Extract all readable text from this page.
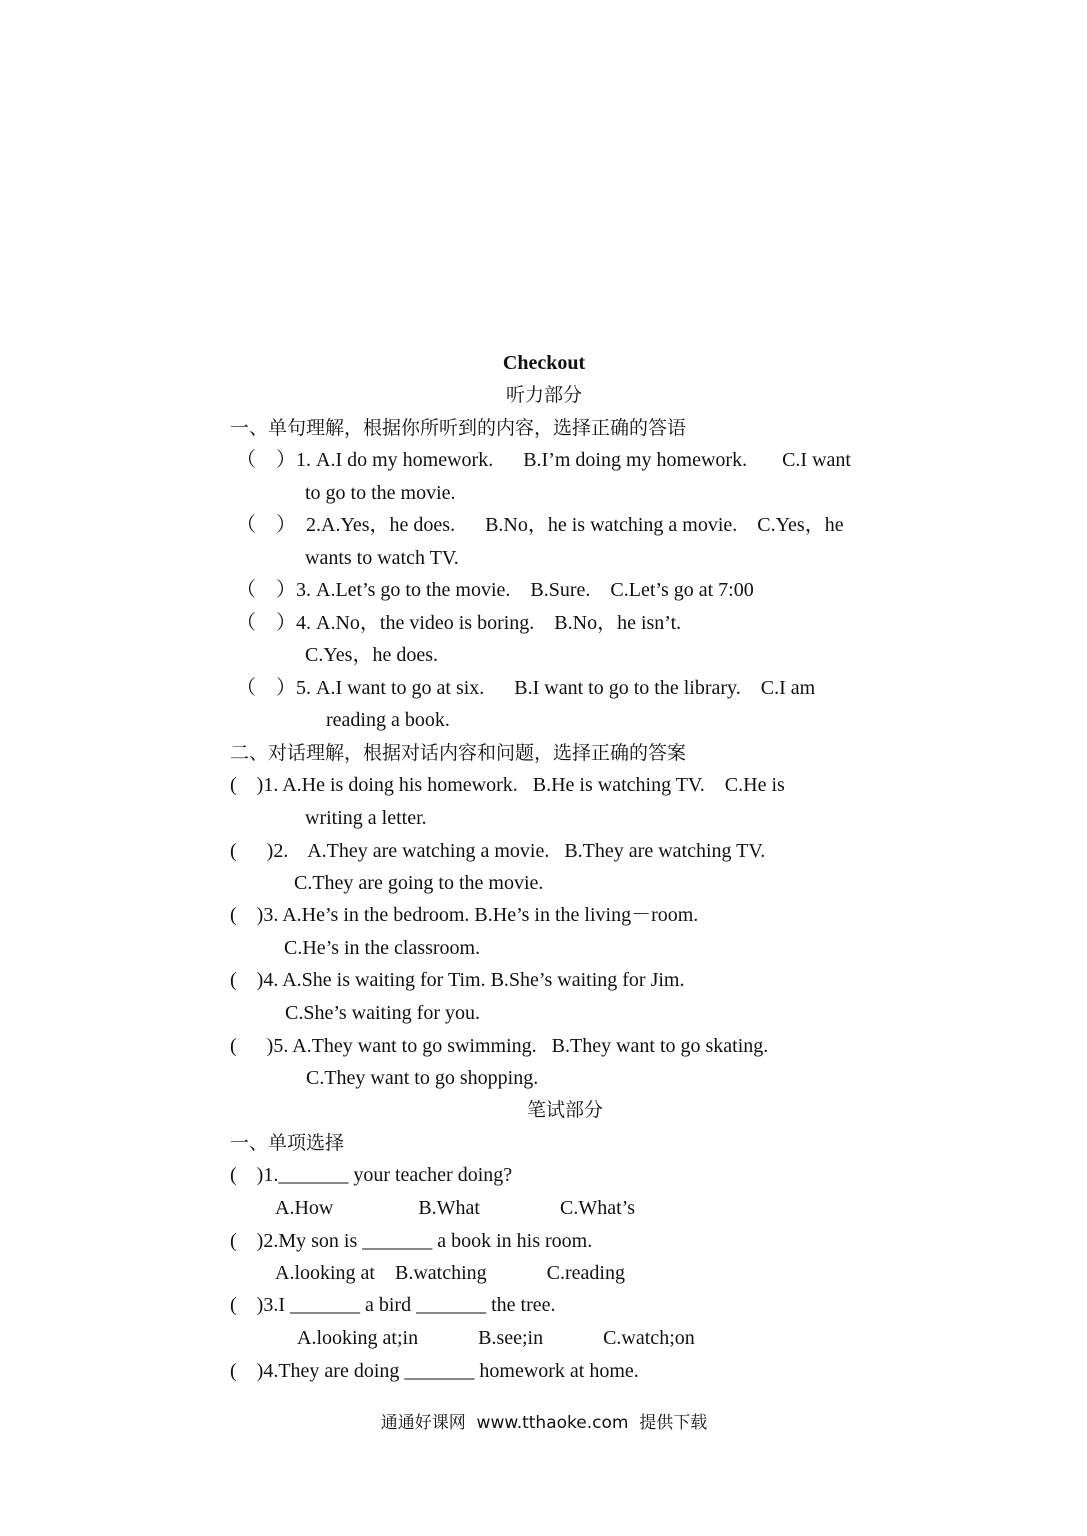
Checkout
听力部分
一、单句理解，根据你所听到的内容，选择正确的答语
（    ）1. A.I do my homework.      B.I’m doing my homework.       C.I want
to go to the movie.
（    ）  2.A.Yes，he does.      B.No，he is watching a movie.    C.Yes，he
wants to watch TV.
（    ）3. A.Let’s go to the movie.    B.Sure.    C.Let’s go at 7:00
（    ）4. A.No，the video is boring.    B.No，he isn’t.
C.Yes，he does.
（    ）5. A.I want to go at six.      B.I want to go to the library.    C.I am
reading a book.
二、对话理解，根据对话内容和问题，选择正确的答案
(    )1. A.He is doing his homework.   B.He is watching TV.    C.He is
writing a letter.
(      )2.    A.They are watching a movie.   B.They are watching TV.
C.They are going to the movie.
(    )3. A.He’s in the bedroom. B.He’s in the living－room.
C.He’s in the classroom.
(    )4. A.She is waiting for Tim. B.She’s waiting for Jim.
C.She’s waiting for you.
(      )5. A.They want to go swimming.   B.They want to go skating.
C.They want to go shopping.
笔试部分
一、单项选择
(    )1._______ your teacher doing?
A.How                 B.What                C.What’s
(    )2.My son is _______ a book in his room.
A.looking at    B.watching            C.reading
(    )3.I _______ a bird _______ the tree.
A.looking at;in            B.see;in            C.watch;on
(    )4.They are doing _______ homework at home.
通通好课网  www.tthaoke.com  提供下载
